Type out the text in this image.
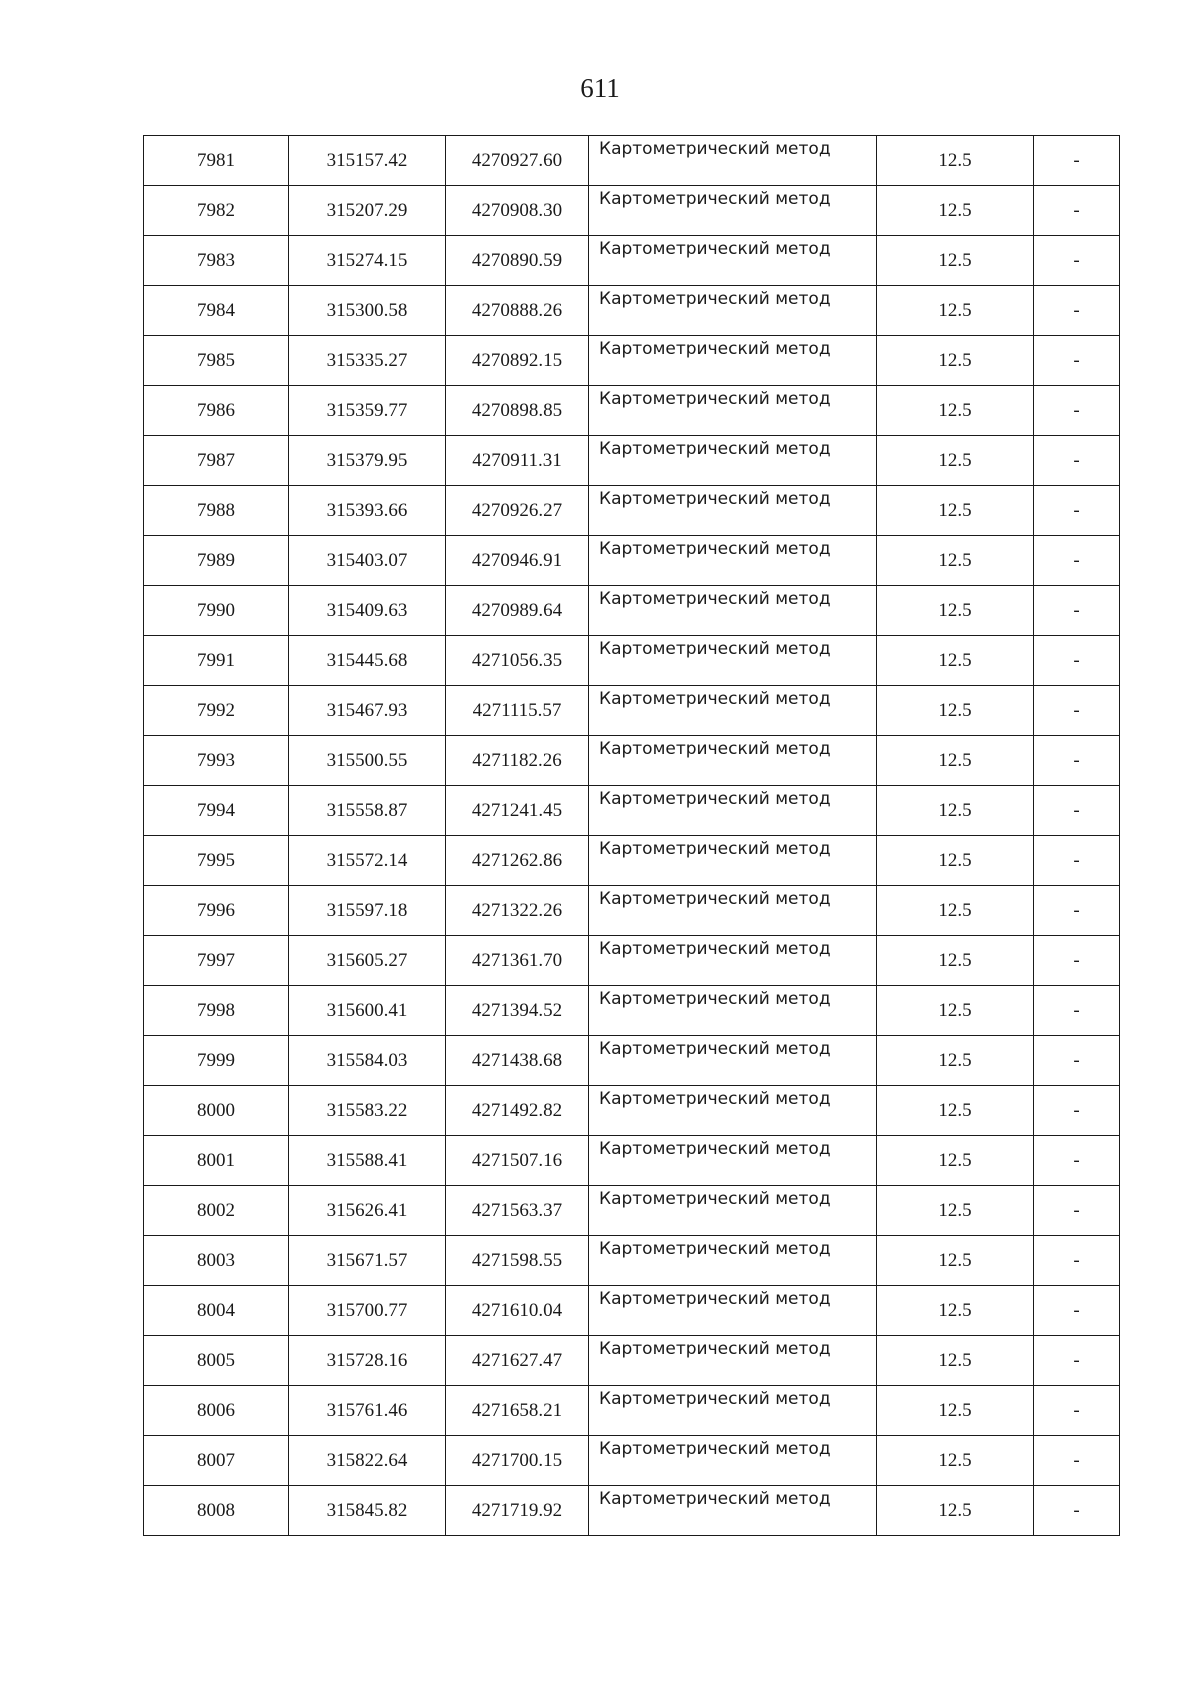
611
7981	315157.42	4270927.60	Картометрический метод	12.5	-
7982	315207.29	4270908.30	Картометрический метод	12.5	-
7983	315274.15	4270890.59	Картометрический метод	12.5	-
7984	315300.58	4270888.26	Картометрический метод	12.5	-
7985	315335.27	4270892.15	Картометрический метод	12.5	-
7986	315359.77	4270898.85	Картометрический метод	12.5	-
7987	315379.95	4270911.31	Картометрический метод	12.5	-
7988	315393.66	4270926.27	Картометрический метод	12.5	-
7989	315403.07	4270946.91	Картометрический метод	12.5	-
7990	315409.63	4270989.64	Картометрический метод	12.5	-
7991	315445.68	4271056.35	Картометрический метод	12.5	-
7992	315467.93	4271115.57	Картометрический метод	12.5	-
7993	315500.55	4271182.26	Картометрический метод	12.5	-
7994	315558.87	4271241.45	Картометрический метод	12.5	-
7995	315572.14	4271262.86	Картометрический метод	12.5	-
7996	315597.18	4271322.26	Картометрический метод	12.5	-
7997	315605.27	4271361.70	Картометрический метод	12.5	-
7998	315600.41	4271394.52	Картометрический метод	12.5	-
7999	315584.03	4271438.68	Картометрический метод	12.5	-
8000	315583.22	4271492.82	Картометрический метод	12.5	-
8001	315588.41	4271507.16	Картометрический метод	12.5	-
8002	315626.41	4271563.37	Картометрический метод	12.5	-
8003	315671.57	4271598.55	Картометрический метод	12.5	-
8004	315700.77	4271610.04	Картометрический метод	12.5	-
8005	315728.16	4271627.47	Картометрический метод	12.5	-
8006	315761.46	4271658.21	Картометрический метод	12.5	-
8007	315822.64	4271700.15	Картометрический метод	12.5	-
8008	315845.82	4271719.92	Картометрический метод	12.5	-
